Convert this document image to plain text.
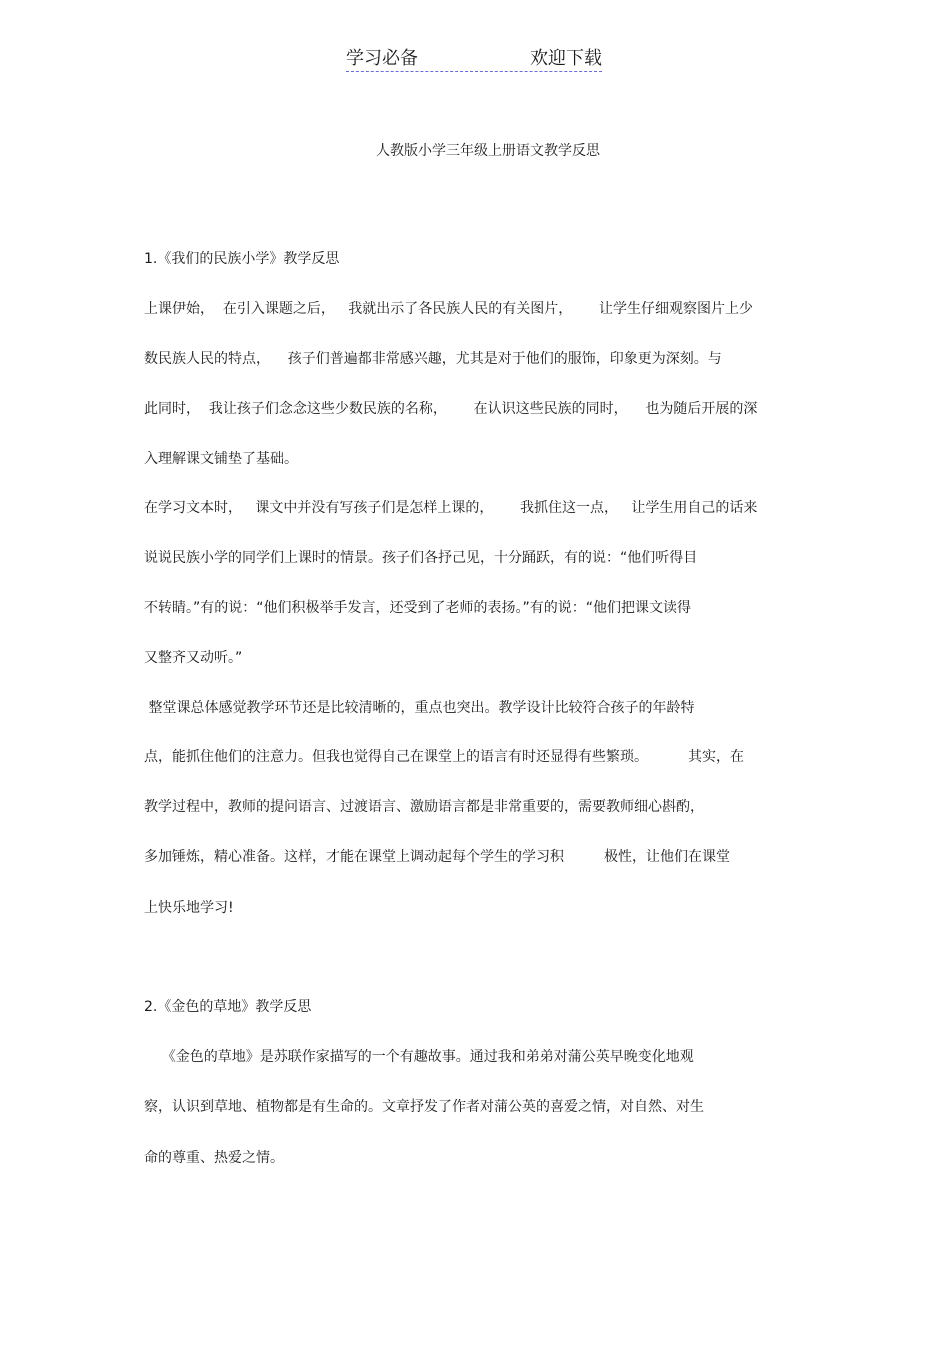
学习必备	欢迎下载
人教版小学三年级上册语文教学反思
1.《我们的民族小学》教学反思
上课伊始，  在引入课题之后，   我就出示了各民族人民的有关图片，      让学生仔细观察图片上少
数民族人民的特点，    孩子们普遍都非常感兴趣，尤其是对于他们的服饰，印象更为深刻。与
此同时，  我让孩子们念念这些少数民族的名称，      在认识这些民族的同时，    也为随后开展的深
入理解课文铺垫了基础。
在学习文本时，   课文中并没有写孩子们是怎样上课的，      我抓住这一点，   让学生用自己的话来
说说民族小学的同学们上课时的情景。孩子们各抒己见，十分踊跃，有的说：“他们听得目
不转睛。”有的说：“他们积极举手发言，还受到了老师的表扬。”有的说：“他们把课文读得
又整齐又动听。”
整堂课总体感觉教学环节还是比较清晰的，重点也突出。教学设计比较符合孩子的年龄特
点，能抓住他们的注意力。但我也觉得自己在课堂上的语言有时还显得有些繁琐。         其实，在
教学过程中，教师的提问语言、过渡语言、激励语言都是非常重要的，需要教师细心斟酌，
多加锤炼，精心准备。这样，才能在课堂上调动起每个学生的学习积         极性，让他们在课堂
上快乐地学习!
2.《金色的草地》教学反思
《金色的草地》是苏联作家描写的一个有趣故事。通过我和弟弟对蒲公英早晚变化地观
察，认识到草地、植物都是有生命的。文章抒发了作者对蒲公英的喜爱之情，对自然、对生
命的尊重、热爱之情。
